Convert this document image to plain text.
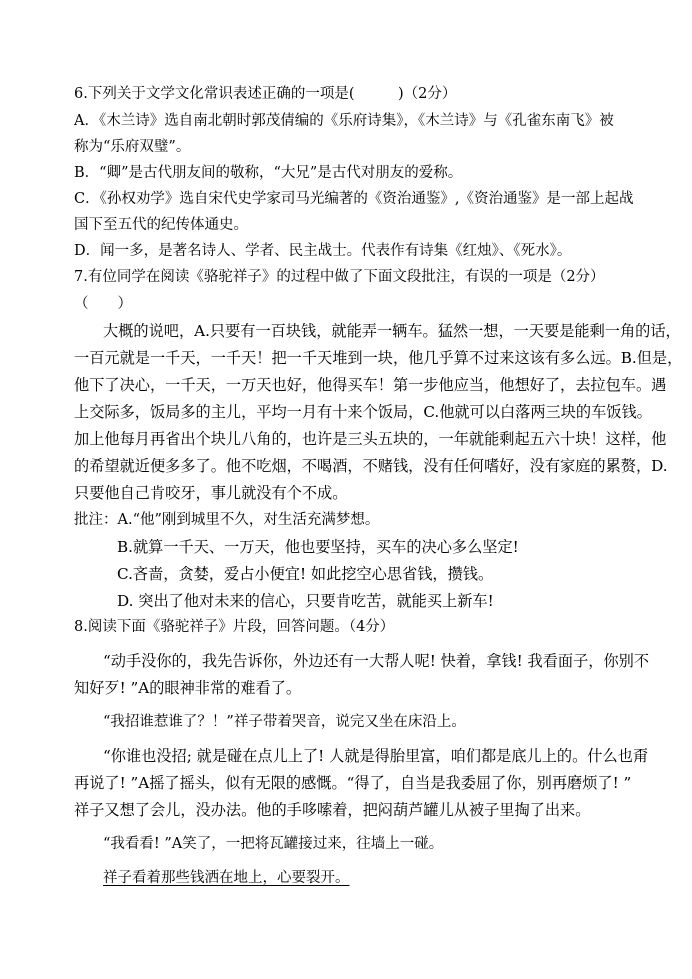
6.下列关于文学文化常识表述正确的一项是(　　　)（2分）
A．《木兰诗》选自南北朝时郭茂倩编的《乐府诗集》，《木兰诗》与《孔雀东南飞》被
称为“乐府双璧”。
B．“卿”是古代朋友间的敬称，“大兄”是古代对朋友的爱称。
C．《孙权劝学》选自宋代史学家司马光编著的《资治通鉴》,《资治通鉴》是一部上起战
国下至五代的纪传体通史。
D．闻一多，是著名诗人、学者、民主战士。代表作有诗集《红烛》、《死水》。
7.有位同学在阅读《骆驼祥子》的过程中做了下面文段批注，有误的一项是（2分）
（　　）
大概的说吧，A.只要有一百块钱，就能弄一辆车。猛然一想，一天要是能剩一角的话，
一百元就是一千天，一千天！把一千天堆到一块，他几乎算不过来这该有多么远。B.但是，
他下了决心，一千天，一万天也好，他得买车！第一步他应当，他想好了，去拉包车。遇
上交际多，饭局多的主儿，平均一月有十来个饭局，C.他就可以白落两三块的车饭钱。
加上他每月再省出个块儿八角的，也许是三头五块的，一年就能剩起五六十块！这样，他
的希望就近便多多了。他不吃烟，不喝酒，不赌钱，没有任何嗜好，没有家庭的累赘，D.
只要他自己肯咬牙，事儿就没有个不成。
批注：A.“他”刚到城里不久，对生活充满梦想。
B.就算一千天、一万天，他也要坚持，买车的决心多么坚定!
C.吝啬，贪婪，爱占小便宜! 如此挖空心思省钱，攒钱。
D. 突出了他对未来的信心，只要肯吃苦，就能买上新车!
8.阅读下面《骆驼祥子》片段，回答问题。（4分）
“动手没你的，我先告诉你，外边还有一大帮人呢! 快着，拿钱! 我看面子，你别不
知好歹! ”A的眼神非常的难看了。
“我招谁惹谁了？！”祥子带着哭音，说完又坐在床沿上。
“你谁也没招; 就是碰在点儿上了! 人就是得胎里富，咱们都是底儿上的。什么也甭
再说了! ”A摇了摇头，似有无限的感慨。“得了，自当是我委屈了你，别再磨烦了! ”
祥子又想了会儿，没办法。他的手哆嗦着，把闷葫芦罐儿从被子里掏了出来。
“我看看! ”A笑了，一把将瓦罐接过来，往墙上一碰。
祥子看着那些钱洒在地上，心要裂开。
